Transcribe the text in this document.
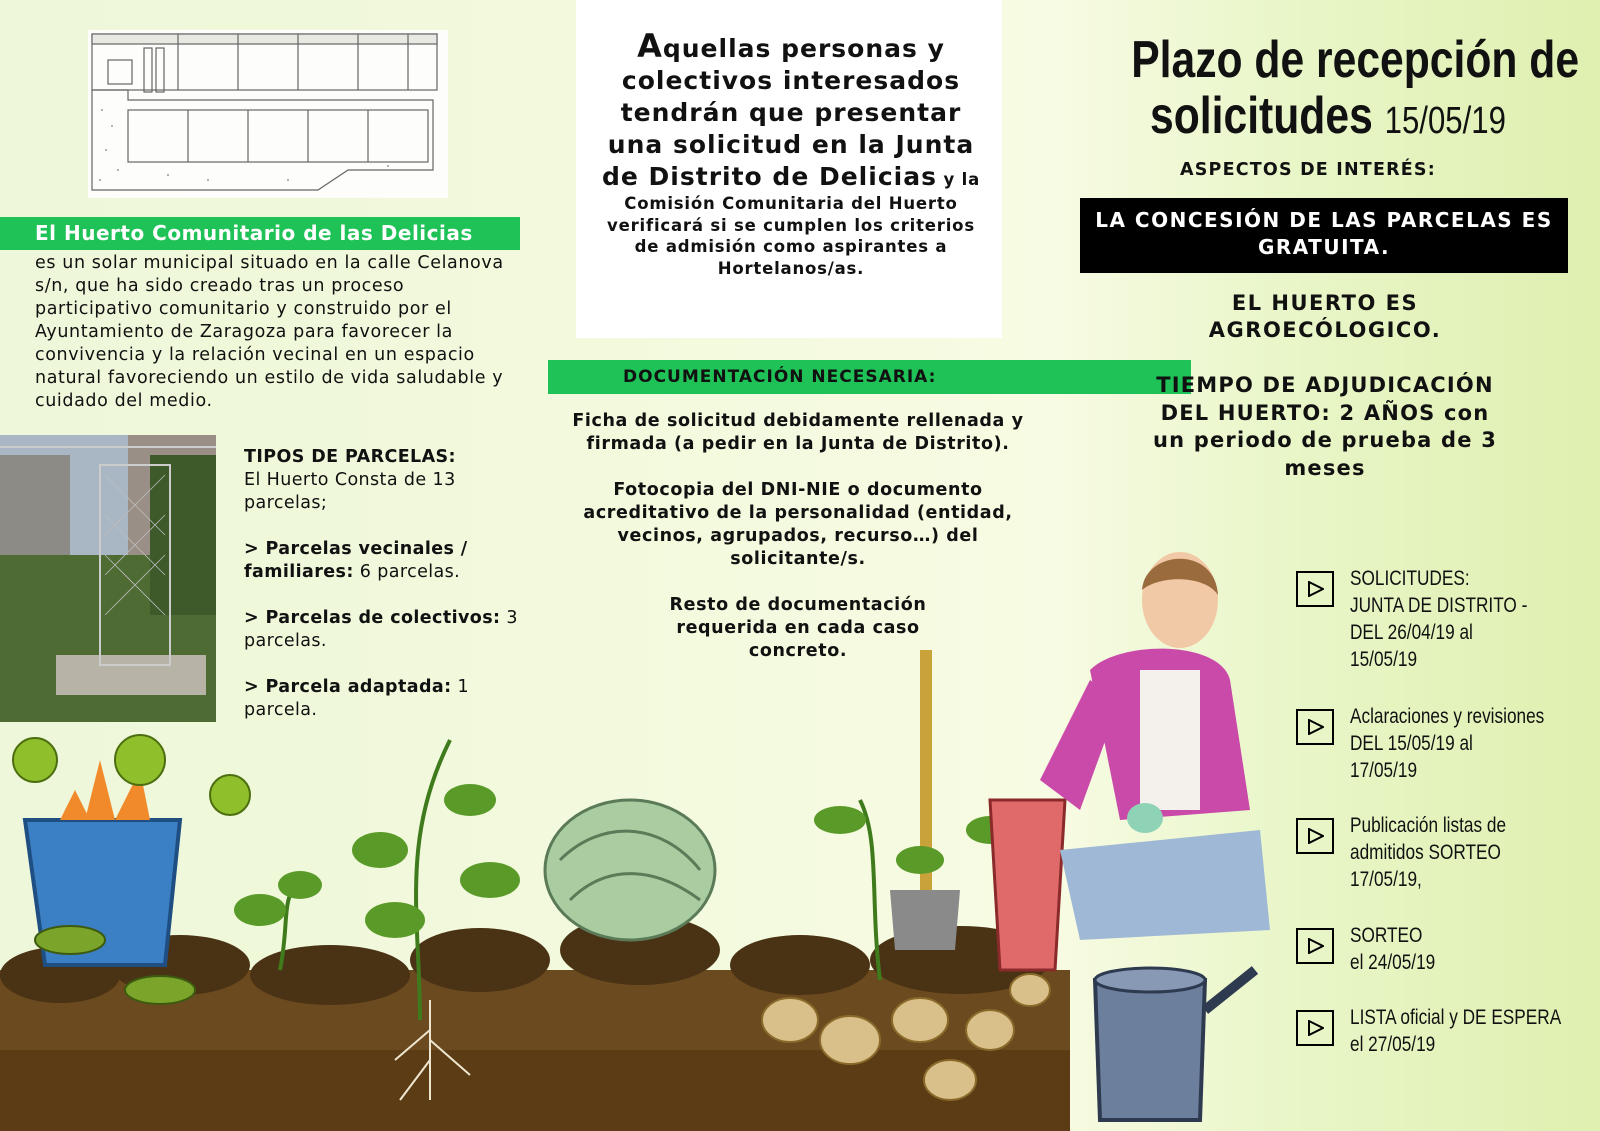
El Huerto Comunitario de las Delicias
es un solar municipal situado en la calle Celanova s/n, que ha sido creado tras un proceso participativo comunitario y construido por el Ayuntamiento de Zaragoza para favorecer la convivencia y la relación vecinal en un espacio natural favoreciendo un estilo de vida saludable y cuidado del medio.

TIPOS DE PARCELAS:
El Huerto Consta de 13 parcelas;

> Parcelas vecinales / familiares: 6 parcelas.

> Parcelas de colectivos: 3 parcelas.

> Parcela adaptada: 1 parcela.

Aquellas personas y colectivos interesados tendrán que presentar una solicitud en la Junta de Distrito de Delicias y la Comisión Comunitaria del Huerto verificará si se cumplen los criterios de admisión como aspirantes a Hortelanos/as.
DOCUMENTACIÓN NECESARIA:

Ficha de solicitud debidamente rellenada y firmada (a pedir en la Junta de Distrito).

Fotocopia del DNI-NIE o documento acreditativo de la personalidad (entidad, vecinos, agrupados, recurso…) del solicitante/s.

Resto de documentación requerida en cada caso concreto.

Plazo de recepción de
solicitudes 15/05/19
ASPECTOS DE INTERÉS:
LA CONCESIÓN DE LAS PARCELAS ES GRATUITA.
EL HUERTO ES AGROECÓLOGICO.
TIEMPO DE ADJUDICACIÓN DEL HUERTO: 2 AÑOS con un periodo de prueba de 3 meses
SOLICITUDES:
JUNTA DE DISTRITO -
DEL 26/04/19 al
15/05/19
Aclaraciones y revisiones
DEL 15/05/19 al
17/05/19
Publicación listas de
admitidos SORTEO 17/05/19,
SORTEO
el 24/05/19
LISTA oficial y DE ESPERA
el 27/05/19
